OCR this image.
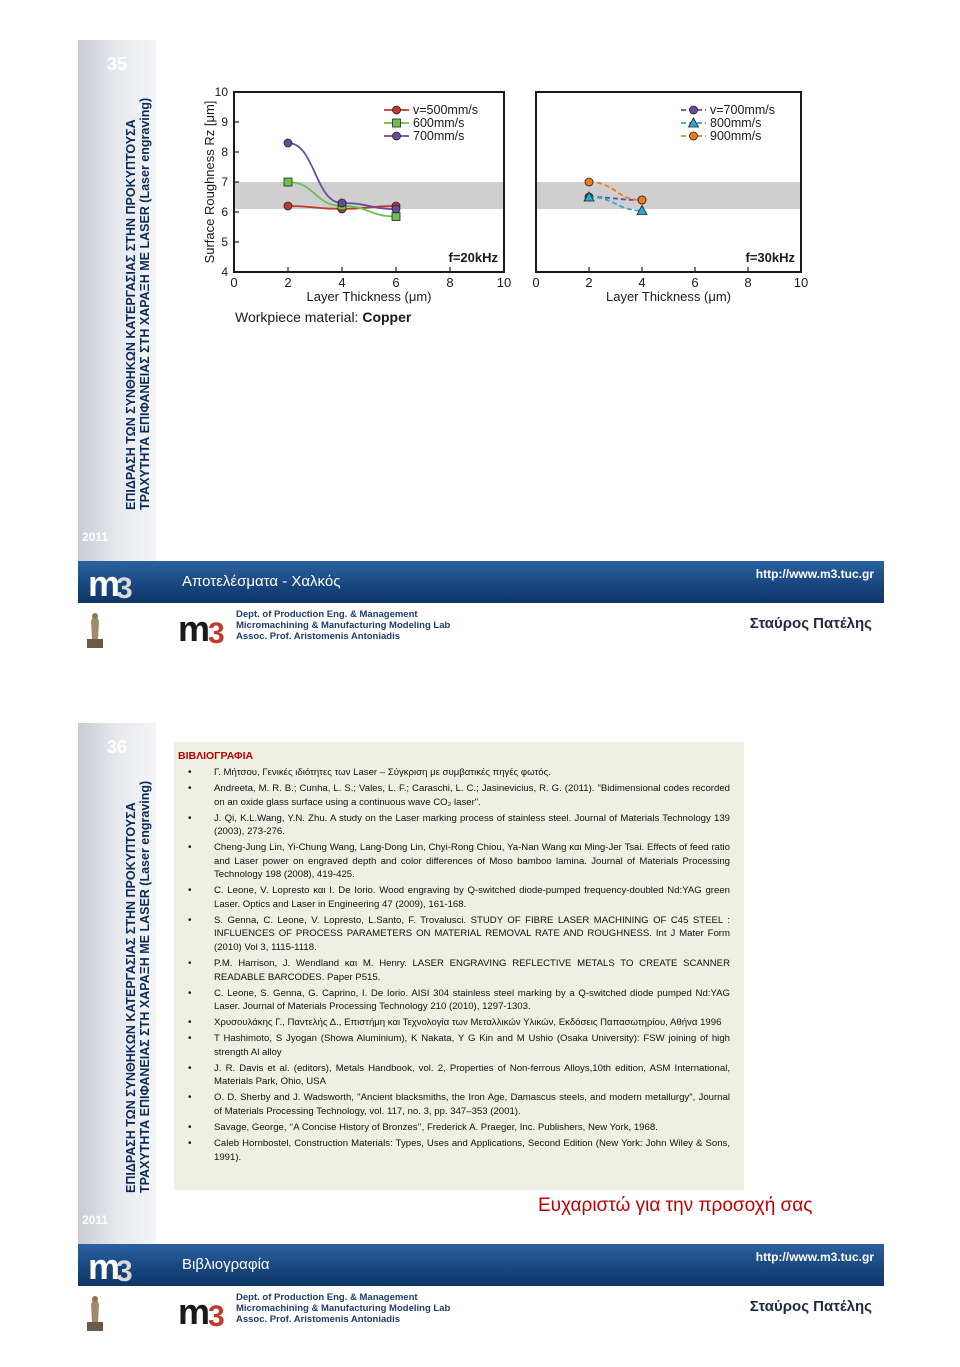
35
ΕΠΙΔΡΑΣΗ ΤΩΝ ΣΥΝΘΗΚΩΝ ΚΑΤΕΡΓΑΣΙΑΣ ΣΤΗΝ ΠΡΟΚΥΠΤΟΥΣΑ ΤΡΑΧΥΤΗΤΑ ΕΠΙΦΑΝΕΙΑΣ ΣΤΗ ΧΑΡΑΞΗ ΜΕ LASER (Laser engraving)
2011
0	2	4	6	8	10
4
5
6
7
8
9
10
Layer Thickness (μm)
Surface Roughness Rz [μm]	f=20kHz
v=500mm/s
600mm/s
700mm/s
0	2	4	6	8	10
Layer Thickness (μm)
f=30kHz
v=700mm/s
800mm/s
900mm/s
Workpiece material: Copper
m
3	Αποτελέσματα - Χαλκός	http://www.m3.tuc.gr
m
3
Dept. of Production Eng. & Management
Micromachining & Manufacturing Modeling Lab
Assoc. Prof. Aristomenis Antoniadis
Σταύρος Πατέλης
36
ΕΠΙΔΡΑΣΗ ΤΩΝ ΣΥΝΘΗΚΩΝ ΚΑΤΕΡΓΑΣΙΑΣ ΣΤΗΝ ΠΡΟΚΥΠΤΟΥΣΑ ΤΡΑΧΥΤΗΤΑ ΕΠΙΦΑΝΕΙΑΣ ΣΤΗ ΧΑΡΑΞΗ ΜΕ LASER (Laser engraving)
2011
ΒΙΒΛΙΟΓΡΑΦΙΑ
• Γ. Μήτσου, Γενικές ιδιότητες των Laser – Σύγκριση με συμβατικές πηγές φωτός.
• Andreeta, M. R. B.; Cunha, L. S.; Vales, L. F.; Caraschi, L. C.; Jasinevicius, R. G. (2011). "Bidimensional codes recorded on an oxide glass surface using a continuous wave CO₂ laser".
• J. Qi, K.L.Wang, Y.N. Zhu. A study on the Laser marking process of stainless steel. Journal of Materials Technology 139 (2003), 273-276.
• Cheng-Jung Lin, Yi-Chung Wang, Lang-Dong Lin, Chyi-Rong Chiou, Ya-Nan Wang και Ming-Jer Tsai. Effects of feed ratio and Laser power on engraved depth and color differences of Moso bamboo lamina. Journal of Materials Processing Technology 198 (2008), 419-425.
• C. Leone, V. Lopresto και I. De Iorio. Wood engraving by Q-switched diode-pumped frequency-doubled Nd:YAG green Laser. Optics and Laser in Engineering 47 (2009), 161-168.
• S. Genna, C. Leone, V. Lopresto, L.Santo, F. Trovalusci. STUDY OF FIBRE LASER MACHINING OF C45 STEEL : INFLUENCES OF PROCESS PARAMETERS ON MATERIAL REMOVAL RATE AND ROUGHNESS. Int J Mater Form (2010) Vol 3, 1115-1118.
• P.M. Harrison, J. Wendland και M. Henry. LASER ENGRAVING REFLECTIVE METALS TO CREATE SCANNER READABLE BARCODES. Paper P515.
• C. Leone, S. Genna, G. Caprino, I. De Iorio. AISI 304 stainless steel marking by a Q-switched diode pumped Nd:YAG Laser. Journal of Materials Processing Technology 210 (2010), 1297-1303.
• Χρυσουλάκης Γ., Παντελής Δ., Επιστήμη και Τεχνολογία των Μεταλλικών Υλικών, Εκδόσεις Παπασωτηρίου, Αθήνα 1996
• T Hashimoto, S Jyogan (Showa Aluminium), K Nakata, Y G Kin and M Ushio (Osaka University): FSW joining of high strength Al alloy
• J. R. Davis et al. (editors), Metals Handbook, vol. 2, Properties of Non-ferrous Alloys,10th edition, ASM International, Materials Park, Ohio, USA
• O. D. Sherby and J. Wadsworth, "Ancient blacksmiths, the Iron Age, Damascus steels, and modern metallurgy", Journal of Materials Processing Technology, vol. 117, no. 3, pp. 347–353 (2001).
• Savage, George, ‘‘A Concise History of Bronzes’’, Frederick A. Praeger, Inc. Publishers, New York, 1968.
• Caleb Hornbostel, Construction Materials: Types, Uses and Applications, Second Edition (New York: John Wiley & Sons, 1991).
Ευχαριστώ για την προσοχή σας
m
3	Βιβλιογραφία	http://www.m3.tuc.gr
m
3
Dept. of Production Eng. & Management
Micromachining & Manufacturing Modeling Lab
Assoc. Prof. Aristomenis Antoniadis
Σταύρος Πατέλης
